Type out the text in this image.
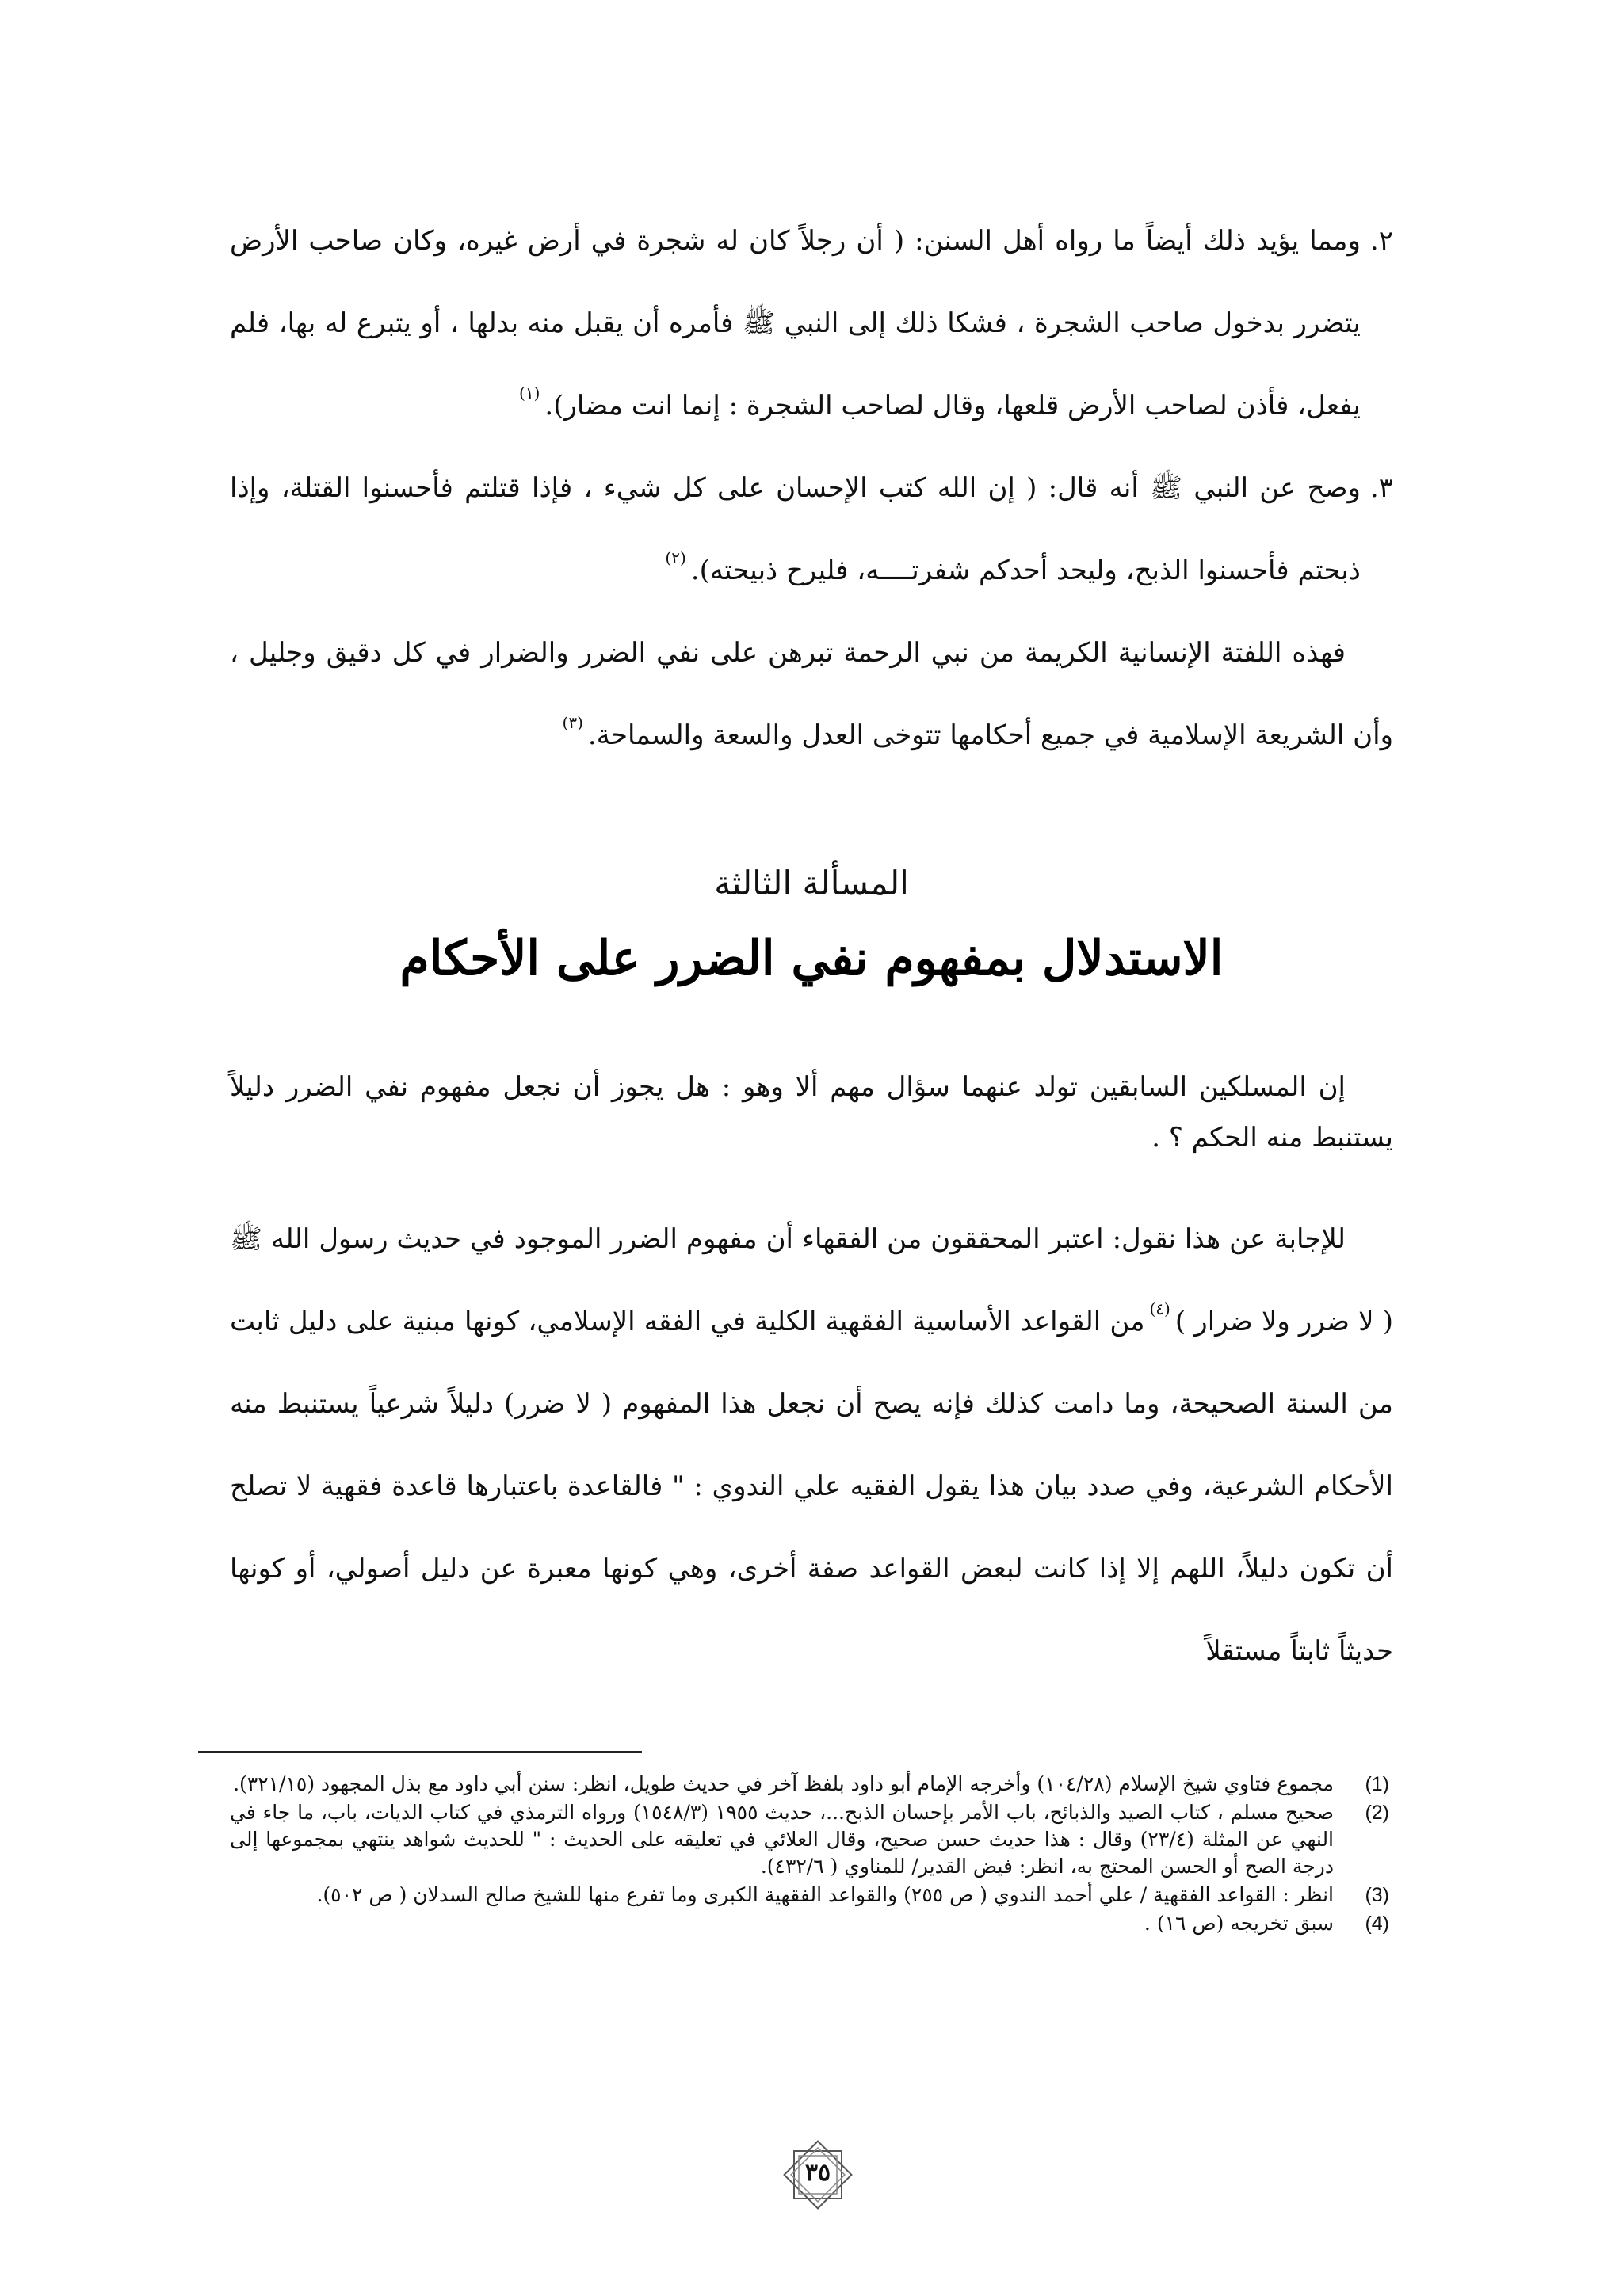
٢.
ومما يؤيد ذلك أيضاً ما رواه أهل السنن: ( أن رجلاً كان له شجرة في أرض غيره، وكان صاحب الأرض يتضرر بدخول صاحب الشجرة ، فشكا ذلك إلى النبي ﷺ فأمره أن يقبل منه بدلها ، أو يتبرع له بها، فلم يفعل، فأذن لصاحب الأرض قلعها، وقال لصاحب الشجرة : إنما انت مضار).$^{(١)}$
٣.
وصح عن النبي ﷺ أنه قال: ( إن الله كتب الإحسان على كل شيء ، فإذا قتلتم فأحسنوا القتلة، وإذا ذبحتم فأحسنوا الذبح، وليحد أحدكم شفرتــــه، فليرح ذبيحته).$^{(٢)}$

فهذه اللفتة الإنسانية الكريمة من نبي الرحمة تبرهن على نفي الضرر والضرار في كل دقيق وجليل ، وأن الشريعة الإسلامية في جميع أحكامها تتوخى العدل والسعة والسماحة.$^{(٣)}$

المسألة الثالثة
الاستدلال بمفهوم نفي الضرر على الأحكام

إن المسلكين السابقين تولد عنهما سؤال مهم ألا وهو : هل يجوز أن نجعل مفهوم نفي الضرر دليلاً يستنبط منه الحكم ؟ .

للإجابة عن هذا نقول: اعتبر المحققون من الفقهاء أن مفهوم الضرر الموجود في حديث رسول الله ﷺ ( لا ضرر ولا ضرار )$^{(٤)}$من القواعد الأساسية الفقهية الكلية في الفقه الإسلامي، كونها مبنية على دليل ثابت من السنة الصحيحة، وما دامت كذلك فإنه يصح أن نجعل هذا المفهوم ( لا ضرر) دليلاً شرعياً يستنبط منه الأحكام الشرعية، وفي صدد بيان هذا يقول الفقيه علي الندوي : " فالقاعدة باعتبارها قاعدة فقهية لا تصلح أن تكون دليلاً، اللهم إلا إذا كانت لبعض القواعد صفة أخرى، وهي كونها معبرة عن دليل أصولي، أو كونها حديثاً ثابتاً مستقلاً

(1)
مجموع فتاوي شيخ الإسلام (١٠٤/٢٨) وأخرجه الإمام أبو داود بلفظ آخر في حديث طويل، انظر: سنن أبي داود مع بذل المجهود (٣٢١/١٥).
(2)
صحيح مسلم ، كتاب الصيد والذبائح، باب الأمر بإحسان الذبح...، حديث ١٩٥٥ (١٥٤٨/٣) ورواه الترمذي في كتاب الديات، باب، ما جاء في النهي عن المثلة (٢٣/٤) وقال : هذا حديث حسن صحيح، وقال العلائي في تعليقه على الحديث : " للحديث شواهد ينتهي بمجموعها إلى درجة الصح أو الحسن المحتج به، انظر: فيض القدير/ للمناوي ( ٤٣٢/٦).
(3)
انظر : القواعد الفقهية / علي أحمد الندوي ( ص ٢٥٥) والقواعد الفقهية الكبرى وما تفرع منها للشيخ صالح السدلان ( ص ٥٠٢).
(4)
سبق تخريجه (ص ١٦) .
٣٥
